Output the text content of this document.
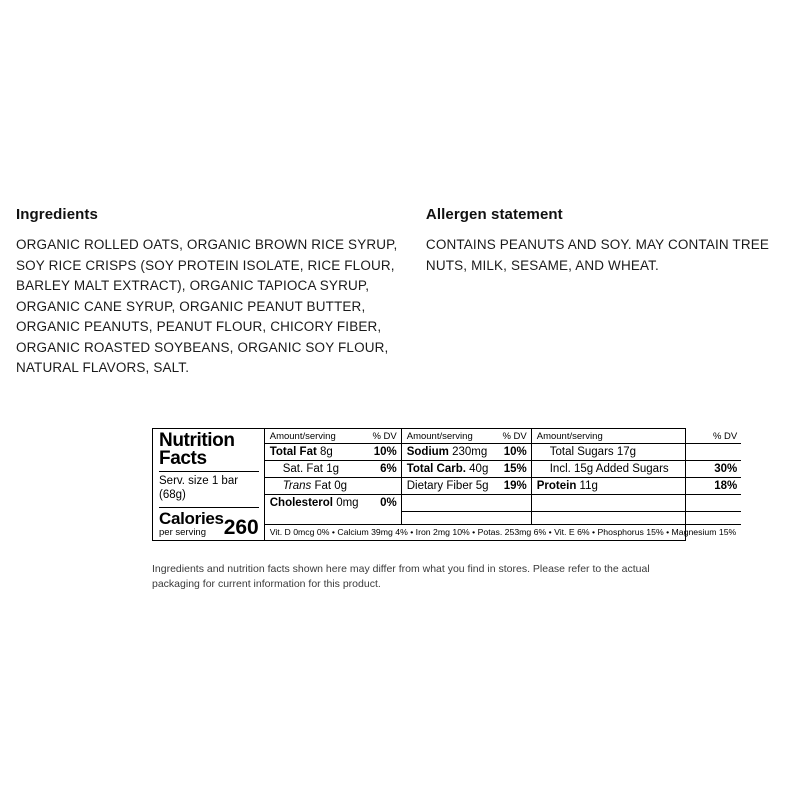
Ingredients

ORGANIC ROLLED OATS, ORGANIC BROWN RICE SYRUP, SOY RICE CRISPS (SOY PROTEIN ISOLATE, RICE FLOUR, BARLEY MALT EXTRACT), ORGANIC TAPIOCA SYRUP, ORGANIC CANE SYRUP, ORGANIC PEANUT BUTTER, ORGANIC PEANUTS, PEANUT FLOUR, CHICORY FIBER, ORGANIC ROASTED SOYBEANS, ORGANIC SOY FLOUR, NATURAL FLAVORS, SALT.

Allergen statement

CONTAINS PEANUTS AND SOY. MAY CONTAIN TREE NUTS, MILK, SESAME, AND WHEAT.

Nutrition
Facts
Serv. size 1 bar (68g)
Calories
per serving 260
Amount/serving	% DV
Total Fat 8g	10%
Sat. Fat 1g	6%
Trans Fat 0g
Cholesterol 0mg 0%
Amount/serving	% DV
Sodium 230mg 10%
Total Carb. 40g 15%
Dietary Fiber 5g 19%
Amount/serving	% DV
Total Sugars 17g
Incl. 15g Added Sugars	30%
Protein 11g	18%
Vit. D 0mcg 0% • Calcium 39mg 4% • Iron 2mg 10% • Potas. 253mg 6% • Vit. E 6% • Phosphorus 15% • Magnesium 15%

Ingredients and nutrition facts shown here may differ from what you find in stores. Please refer to the actual packaging for current information for this product.
